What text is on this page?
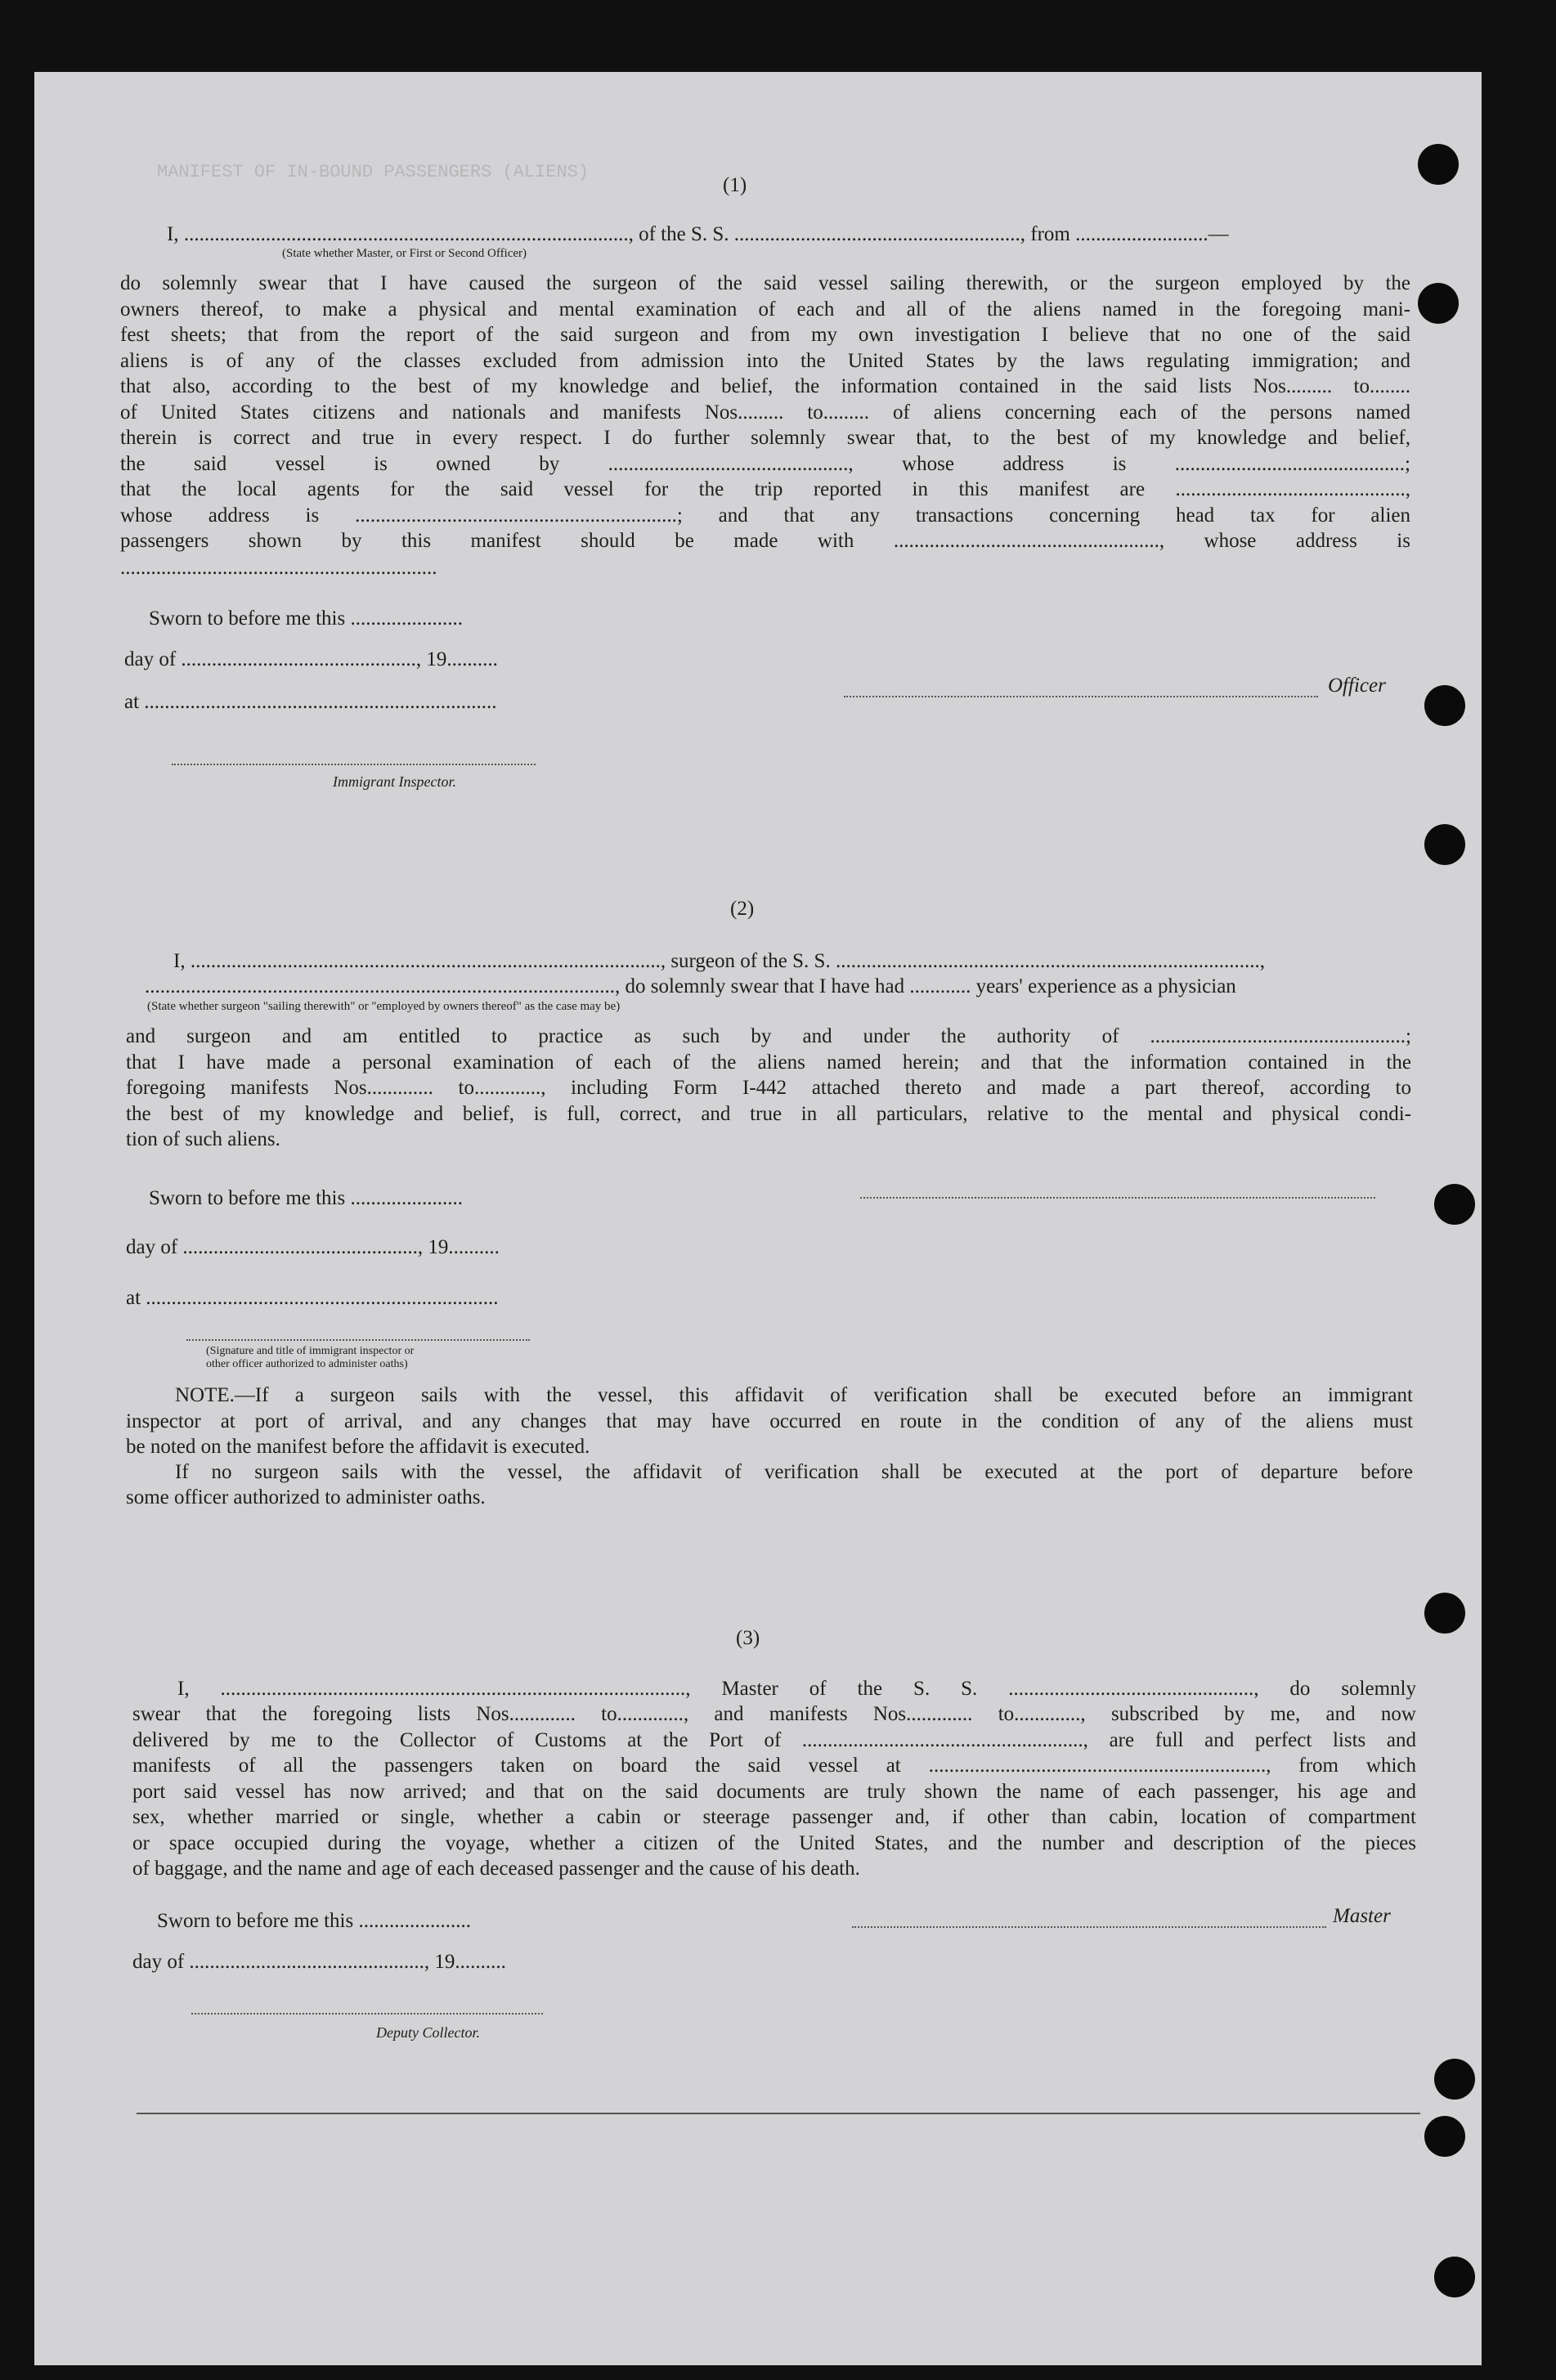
MANIFEST OF IN-BOUND PASSENGERS (ALIENS)
(1)
I, ......................................................................................., of the S. S. ........................................................, from ..........................—
(State whether Master, or First or Second Officer)
do solemnly swear that I have caused the surgeon of the said vessel sailing therewith, or the surgeon employed by the
owners thereof, to make a physical and mental examination of each and all of the aliens named in the foregoing mani-
fest sheets; that from the report of the said surgeon and from my own investigation I believe that no one of the said
aliens is of any of the classes excluded from admission into the United States by the laws regulating immigration; and
that also, according to the best of my knowledge and belief, the information contained in the said lists Nos......... to........
of United States citizens and nationals and manifests Nos......... to......... of aliens concerning each of the persons named
therein is correct and true in every respect. I do further solemnly swear that, to the best of my knowledge and belief,
the said vessel is owned by ..............................................., whose address is .............................................;
that the local agents for the said vessel for the trip reported in this manifest are .............................................,
whose address is ...............................................................; and that any transactions concerning head tax for alien
passengers shown by this manifest should be made with ...................................................., whose address is
..............................................................
Sworn to before me this ......................
day of .............................................., 19..........
at .....................................................................
Officer
Immigrant Inspector.
(2)
I, ............................................................................................, surgeon of the S. S. ...................................................................................,
............................................................................................, do solemnly swear that I have had ............ years' experience as a physician
(State whether surgeon "sailing therewith" or "employed by owners thereof" as the case may be)
and surgeon and am entitled to practice as such by and under the authority of ..................................................;
that I have made a personal examination of each of the aliens named herein; and that the information contained in the
foregoing manifests Nos............. to............., including Form I-442 attached thereto and made a part thereof, according to
the best of my knowledge and belief, is full, correct, and true in all particulars, relative to the mental and physical condi-
tion of such aliens.
Sworn to before me this ......................
day of .............................................., 19..........
at .....................................................................
(Signature and title of immigrant inspector or
other officer authorized to administer oaths)
NOTE.—If a surgeon sails with the vessel, this affidavit of verification shall be executed before an immigrant
inspector at port of arrival, and any changes that may have occurred en route in the condition of any of the aliens must
be noted on the manifest before the affidavit is executed.
If no surgeon sails with the vessel, the affidavit of verification shall be executed at the port of departure before
some officer authorized to administer oaths.
(3)
I, ..........................................................................................., Master of the S. S. ................................................, do solemnly
swear that the foregoing lists Nos............. to............., and manifests Nos............. to............., subscribed by me, and now
delivered by me to the Collector of Customs at the Port of ......................................................., are full and perfect lists and
manifests of all the passengers taken on board the said vessel at .................................................................., from which
port said vessel has now arrived; and that on the said documents are truly shown the name of each passenger, his age and
sex, whether married or single, whether a cabin or steerage passenger and, if other than cabin, location of compartment
or space occupied during the voyage, whether a citizen of the United States, and the number and description of the pieces
of baggage, and the name and age of each deceased passenger and the cause of his death.
Sworn to before me this ......................	Master
day of .............................................., 19..........
Deputy Collector.
